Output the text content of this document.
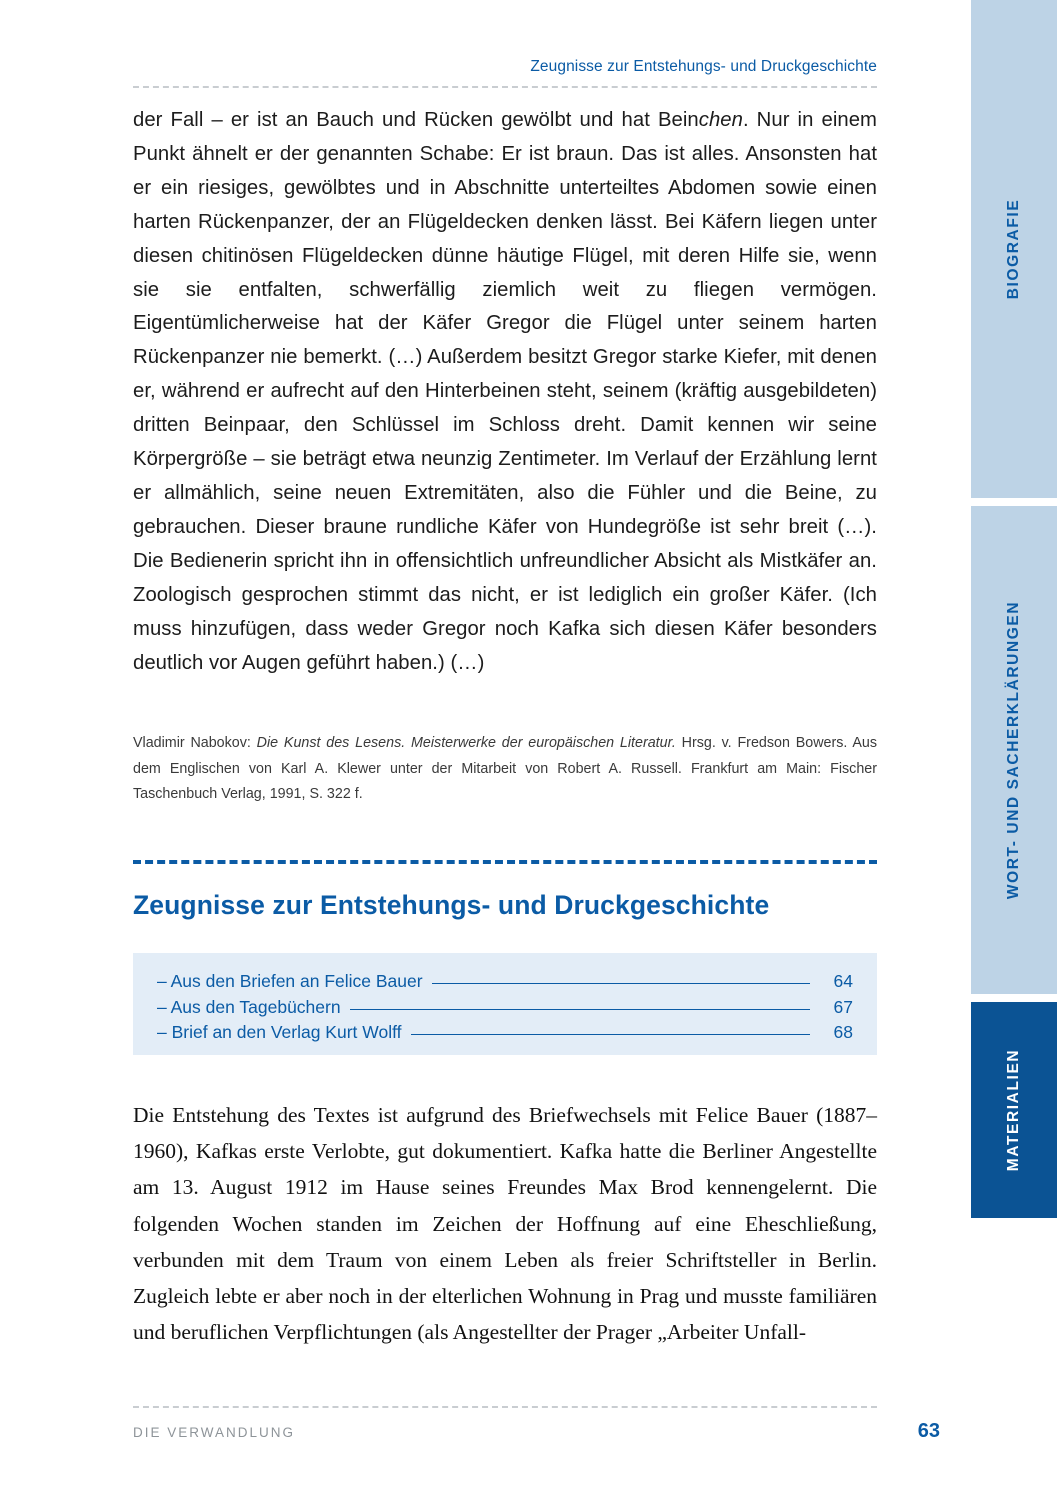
Zeugnisse zur Entstehungs- und Druckgeschichte
der Fall – er ist an Bauch und Rücken gewölbt und hat Beinchen. Nur in einem Punkt ähnelt er der genannten Schabe: Er ist braun. Das ist alles. Ansonsten hat er ein riesiges, gewölbtes und in Abschnitte unterteiltes Abdomen sowie einen harten Rückenpanzer, der an Flügeldecken denken lässt. Bei Käfern liegen unter diesen chitinösen Flügeldecken dünne häutige Flügel, mit deren Hilfe sie, wenn sie sie entfalten, schwerfällig ziemlich weit zu fliegen vermögen. Eigentümlicherweise hat der Käfer Gregor die Flügel unter seinem harten Rückenpanzer nie bemerkt. (…) Außerdem besitzt Gregor starke Kiefer, mit denen er, während er aufrecht auf den Hinterbeinen steht, seinem (kräftig ausgebildeten) dritten Beinpaar, den Schlüssel im Schloss dreht. Damit kennen wir seine Körpergröße – sie beträgt etwa neunzig Zentimeter. Im Verlauf der Erzählung lernt er allmählich, seine neuen Extremitäten, also die Fühler und die Beine, zu gebrauchen. Dieser braune rundliche Käfer von Hundegröße ist sehr breit (…). Die Bedienerin spricht ihn in offensichtlich unfreundlicher Absicht als Mistkäfer an. Zoologisch gesprochen stimmt das nicht, er ist lediglich ein großer Käfer. (Ich muss hinzufügen, dass weder Gregor noch Kafka sich diesen Käfer besonders deutlich vor Augen geführt haben.) (…)
Vladimir Nabokov: Die Kunst des Lesens. Meisterwerke der europäischen Literatur. Hrsg. v. Fredson Bowers. Aus dem Englischen von Karl A. Klewer unter der Mitarbeit von Robert A. Russell. Frankfurt am Main: Fischer Taschenbuch Verlag, 1991, S. 322 f.
Zeugnisse zur Entstehungs- und Druckgeschichte
– Aus den Briefen an Felice Bauer	64
– Aus den Tagebüchern	67
– Brief an den Verlag Kurt Wolff	68
Die Entstehung des Textes ist aufgrund des Briefwechsels mit Felice Bauer (1887–1960), Kafkas erste Verlobte, gut dokumentiert. Kafka hatte die Berliner Angestellte am 13. August 1912 im Hause seines Freundes Max Brod kennengelernt. Die folgenden Wochen standen im Zeichen der Hoffnung auf eine Eheschließung, verbunden mit dem Traum von einem Leben als freier Schriftsteller in Berlin. Zugleich lebte er aber noch in der elterlichen Wohnung in Prag und musste familiären und beruflichen Verpflichtungen (als Angestellter der Prager „Arbeiter Unfall-
DIE VERWANDLUNG	63
BIOGRAFIE
WORT- UND SACHERKLÄRUNGEN
MATERIALIEN
